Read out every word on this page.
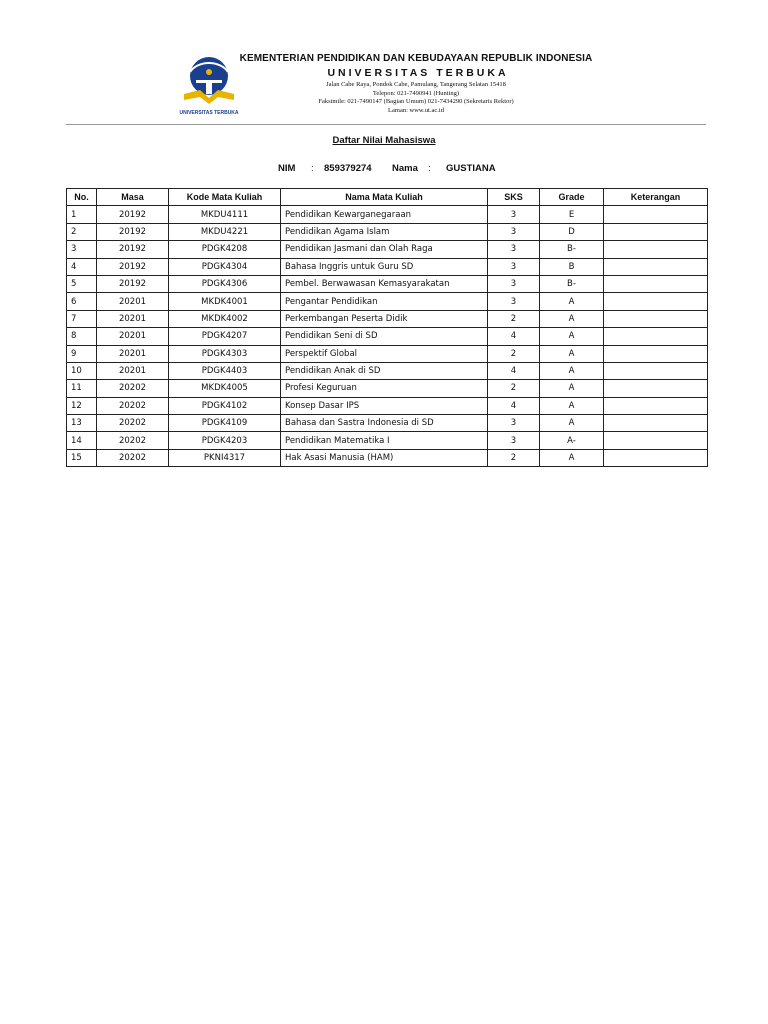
UNIVERSITAS TERBUKA
KEMENTERIAN PENDIDIKAN DAN KEBUDAYAAN REPUBLIK INDONESIA
UNIVERSITAS TERBUKA
Jalan Cabe Raya, Pondok Cabe, Pamulang, Tangerang Selatan 15418
Telepon: 021-7490941 (Hunting)
Faksimile: 021-7490147 (Bagian Umum) 021-7434290 (Sekretaris Rektor)
Laman: www.ut.ac.id
Daftar Nilai Mahasiswa
NIM : 859379274 Nama : GUSTIANA
No.	Masa	Kode Mata Kuliah	Nama Mata Kuliah	SKS	Grade	Keterangan
1	20192	MKDU4111	Pendidikan Kewarganegaraan	3	E	
2	20192	MKDU4221	Pendidikan Agama Islam	3	D	
3	20192	PDGK4208	Pendidikan Jasmani dan Olah Raga	3	B-	
4	20192	PDGK4304	Bahasa Inggris untuk Guru SD	3	B	
5	20192	PDGK4306	Pembel. Berwawasan Kemasyarakatan	3	B-	
6	20201	MKDK4001	Pengantar Pendidikan	3	A	
7	20201	MKDK4002	Perkembangan Peserta Didik	2	A	
8	20201	PDGK4207	Pendidikan Seni di SD	4	A	
9	20201	PDGK4303	Perspektif Global	2	A	
10	20201	PDGK4403	Pendidikan Anak di SD	4	A	
11	20202	MKDK4005	Profesi Keguruan	2	A	
12	20202	PDGK4102	Konsep Dasar IPS	4	A	
13	20202	PDGK4109	Bahasa dan Sastra Indonesia di SD	3	A	
14	20202	PDGK4203	Pendidikan Matematika I	3	A-	
15	20202	PKNI4317	Hak Asasi Manusia (HAM)	2	A	
